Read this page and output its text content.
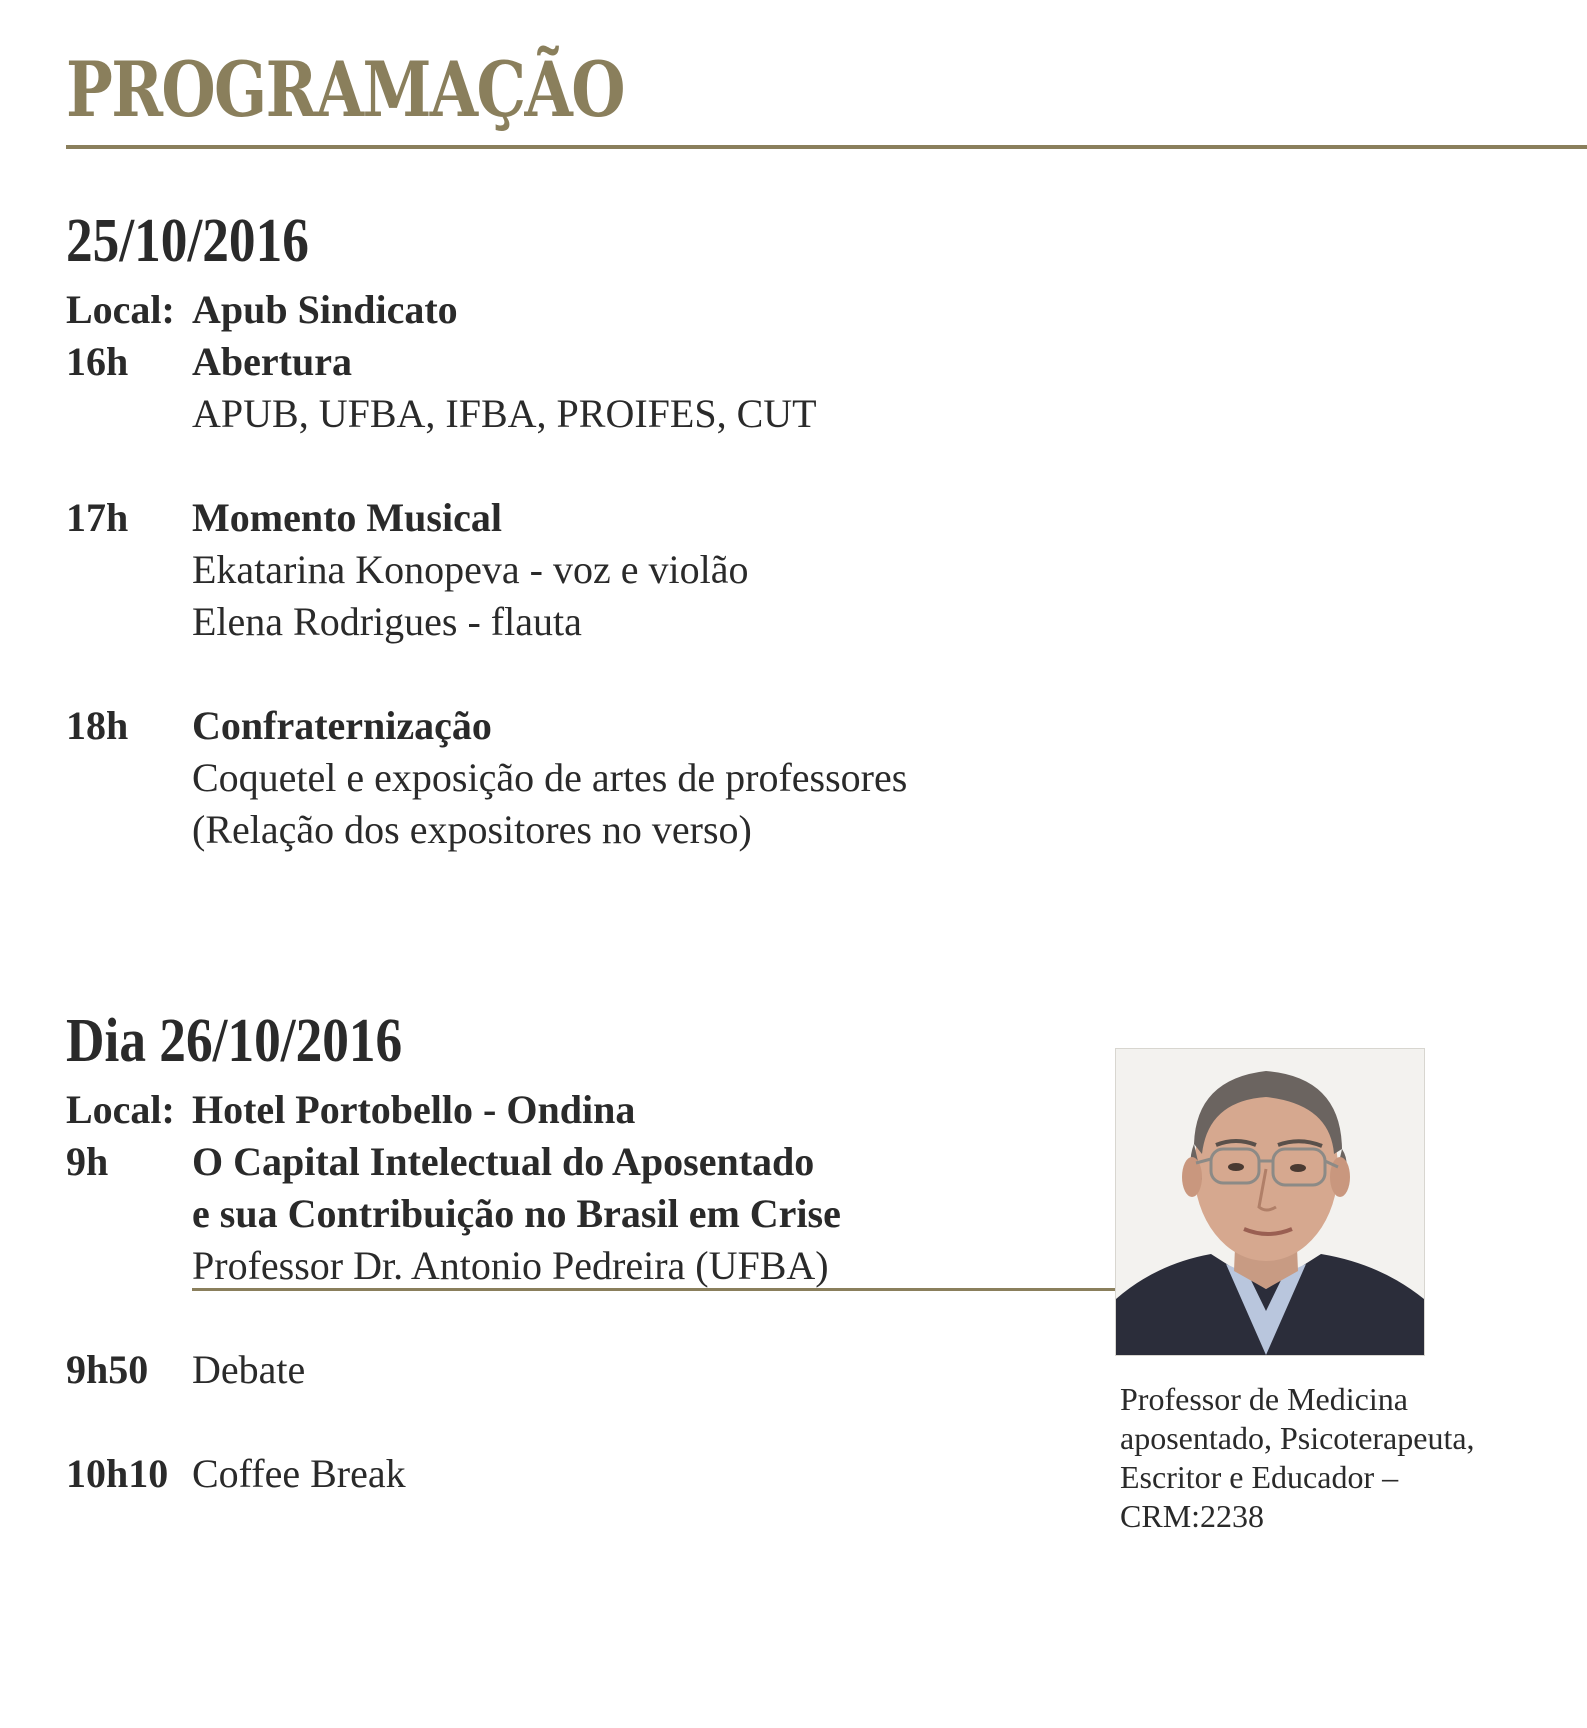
PROGRAMAÇÃO
25/10/2016
Local: Apub Sindicato
16h	Abertura
APUB, UFBA, IFBA, PROIFES, CUT
17h	Momento Musical
Ekatarina Konopeva - voz e violão
Elena Rodrigues - flauta
18h	Confraternização
Coquetel e exposição de artes de professores
(Relação dos expositores no verso)
Dia 26/10/2016
Local: Hotel Portobello - Ondina
9h	O Capital Intelectual do Aposentado
e sua Contribuição no Brasil em Crise
Professor Dr. Antonio Pedreira (UFBA)
9h50	Debate
10h10 Coffee Break
Professor de Medicina
aposentado, Psicoterapeuta,
Escritor e Educador –
CRM:2238
